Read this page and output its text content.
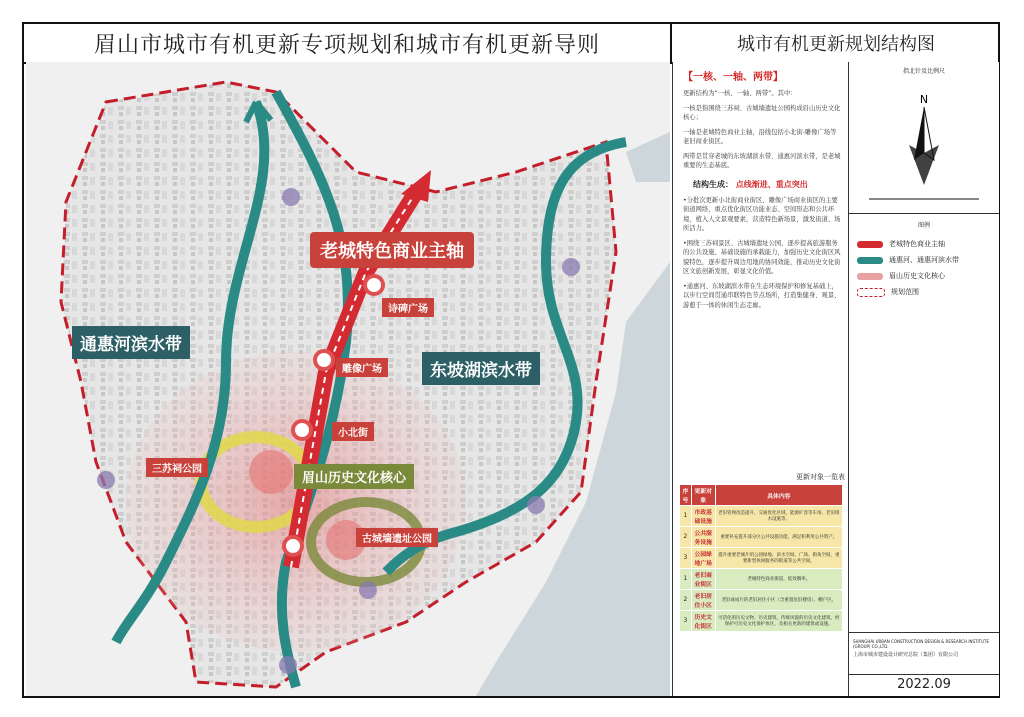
眉山市城市有机更新专项规划和城市有机更新导则	城市有机更新规划结构图
老城特色商业主轴
通惠河滨水带
东坡湖滨水带
眉山历史文化核心
三苏祠公园
古城墙遗址公园
诗碑广场
雕像广场
小北街
【一核、一轴、两带】

更新结构为“一核、一轴、两带”。其中：

一核是指围绕三苏祠、古城墙遗址公园构成眉山历史文化核心；

一轴是老城特色商业主轴，沿线包括小北街-雕像广场等老旧商业街区。

两带是贯穿老城的东坡湖滨水带、通惠河滨水带，是老城重要的生态基底。

结构生成： 点线渐进、重点突出

•分批次更新小北街商业街区、雕像广场商业街区的主要街道网络，重点优化街区功能业态、空间形态和公共环境，植入人文景观要素，营造特色新场景，激发街道、场所活力。

•围绕三苏祠景区、古城墙遗址公园，逐步提高旅游服务的公共设施、基础设施的承载能力，加强历史文化街区风貌特色，逐步提升周边用地的协同效能，推动历史文化街区文旅创新发展，彰显文化价值。

•通惠河、东坡湖滨水带在生态环境保护和修复基础上，以步行空间贯通串联特色节点场所，打造集健身、观景、游憩于一体的休闲生态走廊。

更新对象一览表
序号	更新对象	具体内容
1	市政基础设施	老旧管网改造提升，交通优化区域，能源扩容等车场、老旧排水设施等。
2	公共服务设施	重要补充提升部分区公共设施功能，满足和利用公共资产。
3	公园绿地广场	提升重要老城片的公园绿地、滨水空间、广场、街角空间，重要新型休闲服务的街道等公共空间。
1	老旧商业街区	老城特色商业街道，低效腾率。
2	老旧居住小区	老旧或成片的老旧居住小区（含重置危旧楼房）、棚户区。
3	历史文化街区	可活化的历史文物、历史建筑，传统风貌的历史文化建筑，经保护可历史文化保护体区，及相关更新的建筑或设施。
指北针及比例尺
N
图例
老城特色商业主轴
通惠河、通惠河滨水带
眉山历史文化核心
规划范围
SHANGHAI URBAN CONSTRUCTION DESIGN & RESEARCH INSTITUTE (GROUP) CO.,LTD.
上海市城市建设设计研究总院（集团）有限公司
2022.09
